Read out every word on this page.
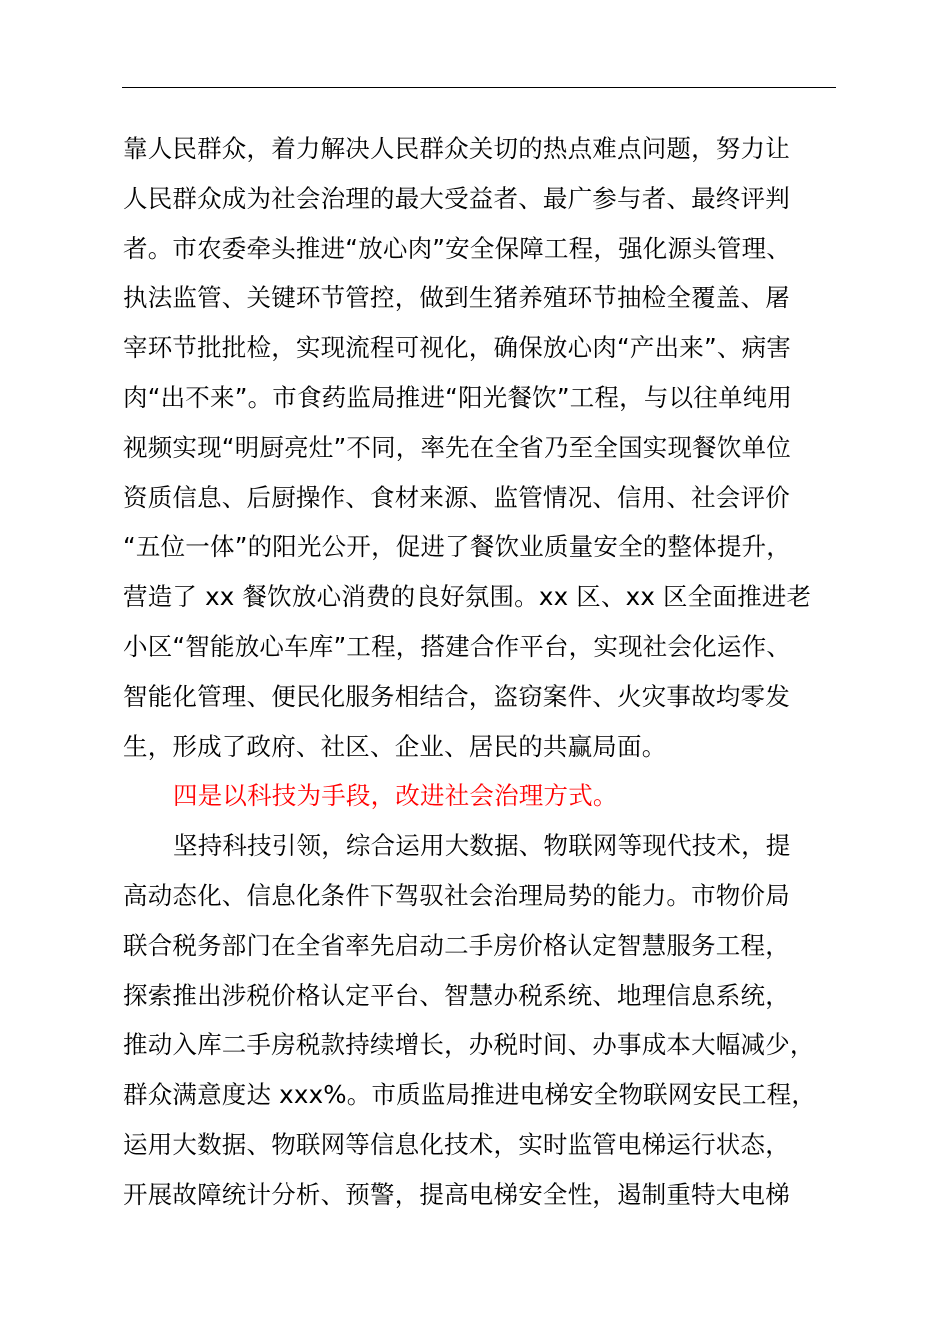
靠人民群众，着力解决人民群众关切的热点难点问题，努力让
人民群众成为社会治理的最大受益者、最广参与者、最终评判
者。市农委牵头推进“放心肉”安全保障工程，强化源头管理、
执法监管、关键环节管控，做到生猪养殖环节抽检全覆盖、屠
宰环节批批检，实现流程可视化，确保放心肉“产出来”、病害
肉“出不来”。市食药监局推进“阳光餐饮”工程，与以往单纯用
视频实现“明厨亮灶”不同，率先在全省乃至全国实现餐饮单位
资质信息、后厨操作、食材来源、监管情况、信用、社会评价
“五位一体”的阳光公开，促进了餐饮业质量安全的整体提升，
营造了 xx 餐饮放心消费的良好氛围。xx 区、xx 区全面推进老
小区“智能放心车库”工程，搭建合作平台，实现社会化运作、
智能化管理、便民化服务相结合，盗窃案件、火灾事故均零发
生，形成了政府、社区、企业、居民的共赢局面。
四是以科技为手段，改进社会治理方式。
坚持科技引领，综合运用大数据、物联网等现代技术，提
高动态化、信息化条件下驾驭社会治理局势的能力。市物价局
联合税务部门在全省率先启动二手房价格认定智慧服务工程，
探索推出涉税价格认定平台、智慧办税系统、地理信息系统，
推动入库二手房税款持续增长，办税时间、办事成本大幅减少，
群众满意度达 xxx%。市质监局推进电梯安全物联网安民工程，
运用大数据、物联网等信息化技术，实时监管电梯运行状态，
开展故障统计分析、预警，提高电梯安全性，遏制重特大电梯
